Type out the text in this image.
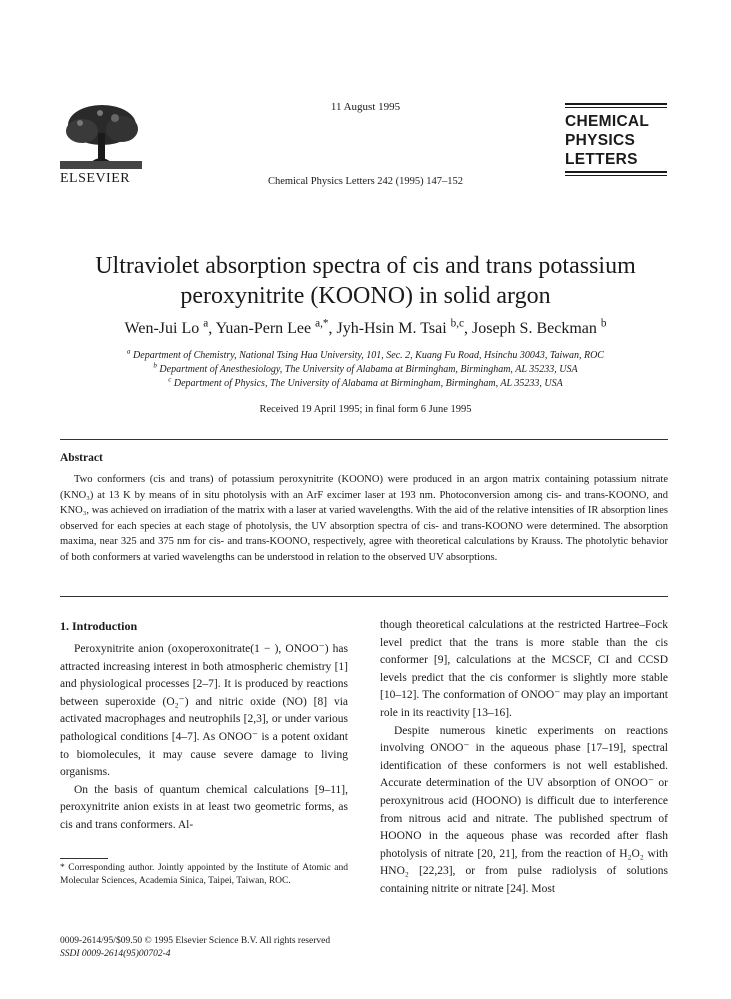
ELSEVIER
11 August 1995
Chemical Physics Letters 242 (1995) 147–152
CHEMICAL
PHYSICS
LETTERS
Ultraviolet absorption spectra of cis and trans potassium
peroxynitrite (KOONO) in solid argon
Wen-Jui Lo $^a$, Yuan-Pern Lee $^{a,*}$, Jyh-Hsin M. Tsai $^{b,c}$, Joseph S. Beckman $^b$
$^a$ Department of Chemistry, National Tsing Hua University, 101, Sec. 2, Kuang Fu Road, Hsinchu 30043, Taiwan, ROC
$^b$ Department of Anesthesiology, The University of Alabama at Birmingham, Birmingham, AL 35233, USA
$^c$ Department of Physics, The University of Alabama at Birmingham, Birmingham, AL 35233, USA
Received 19 April 1995; in final form 6 June 1995
Abstract
Two conformers (cis and trans) of potassium peroxynitrite (KOONO) were produced in an argon matrix containing potassium nitrate (KNO₃) at 13 K by means of in situ photolysis with an ArF excimer laser at 193 nm. Photoconversion among cis- and trans-KOONO, and KNO₃, was achieved on irradiation of the matrix with a laser at varied wavelengths. With the aid of the relative intensities of IR absorption lines observed for each species at each stage of photolysis, the UV absorption spectra of cis- and trans-KOONO were determined. The absorption maxima, near 325 and 375 nm for cis- and trans-KOONO, respectively, agree with theoretical calculations by Krauss. The photolytic behavior of both conformers at varied wavelengths can be understood in relation to the observed UV absorptions.
1. Introduction

Peroxynitrite anion (oxoperoxonitrate(1 − ), ONOO⁻) has attracted increasing interest in both atmospheric chemistry [1] and physiological processes [2–7]. It is produced by reactions between superoxide (O₂⁻) and nitric oxide (NO) [8] via activated macrophages and neutrophils [2,3], or under various pathological conditions [4–7]. As ONOO⁻ is a potent oxidant to biomolecules, it may cause severe damage to living organisms.

On the basis of quantum chemical calculations [9–11], peroxynitrite anion exists in at least two geometric forms, as cis and trans conformers. Al-

though theoretical calculations at the restricted Hartree–Fock level predict that the trans is more stable than the cis conformer [9], calculations at the MCSCF, CI and CCSD levels predict that the cis conformer is slightly more stable [10–12]. The conformation of ONOO⁻ may play an important role in its reactivity [13–16].

Despite numerous kinetic experiments on reactions involving ONOO⁻ in the aqueous phase [17–19], spectral identification of these conformers is not well established. Accurate determination of the UV absorption of ONOO⁻ or peroxynitrous acid (HOONO) is difficult due to interference from nitrous acid and nitrate. The published spectrum of HOONO in the aqueous phase was recorded after flash photolysis of nitrate [20, 21], from the reaction of H₂O₂ with HNO₂ [22,23], or from pulse radiolysis of solutions containing nitrite or nitrate [24]. Most

* Corresponding author. Jointly appointed by the Institute of Atomic and Molecular Sciences, Academia Sinica, Taipei, Taiwan, ROC.
0009-2614/95/$09.50 © 1995 Elsevier Science B.V. All rights reserved
SSDI 0009-2614(95)00702-4
